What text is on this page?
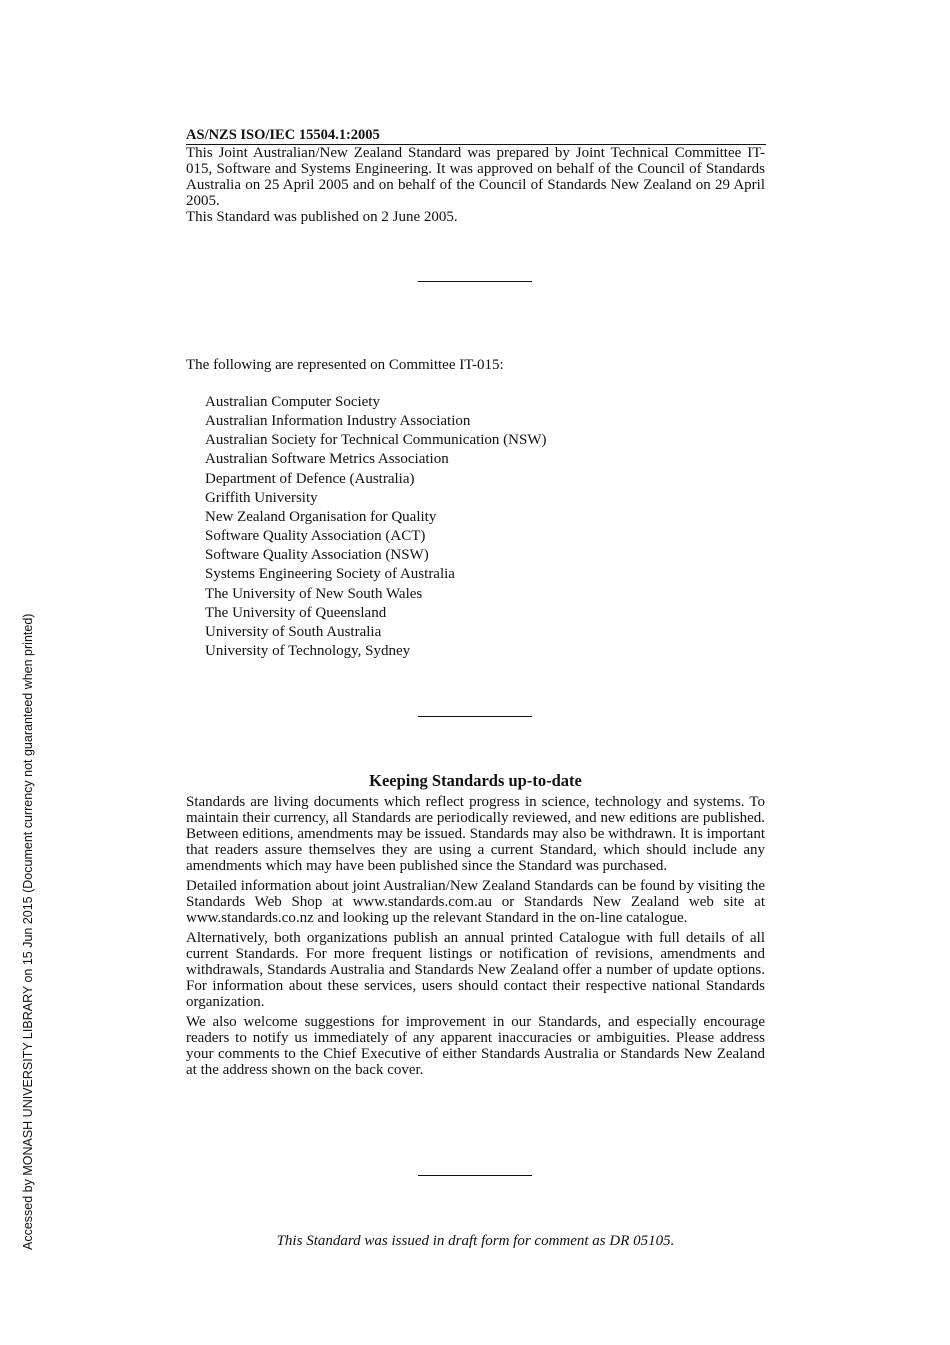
Accessed by MONASH UNIVERSITY LIBRARY on 15 Jun 2015 (Document currency not guaranteed when printed)
AS/NZS ISO/IEC 15504.1:2005

This Joint Australian/New Zealand Standard was prepared by Joint Technical Committee IT-015, Software and Systems Engineering. It was approved on behalf of the Council of Standards Australia on 25 April 2005 and on behalf of the Council of Standards New Zealand on 29 April 2005.

This Standard was published on 2 June 2005.

The following are represented on Committee IT-015:

Australian Computer Society
Australian Information Industry Association
Australian Society for Technical Communication (NSW)
Australian Software Metrics Association
Department of Defence (Australia)
Griffith University
New Zealand Organisation for Quality
Software Quality Association (ACT)
Software Quality Association (NSW)
Systems Engineering Society of Australia
The University of New South Wales
The University of Queensland
University of South Australia
University of Technology, Sydney
Keeping Standards up-to-date

Standards are living documents which reflect progress in science, technology and systems. To maintain their currency, all Standards are periodically reviewed, and new editions are published. Between editions, amendments may be issued. Standards may also be withdrawn. It is important that readers assure themselves they are using a current Standard, which should include any amendments which may have been published since the Standard was purchased.

Detailed information about joint Australian/New Zealand Standards can be found by visiting the Standards Web Shop at www.standards.com.au or Standards New Zealand web site at www.standards.co.nz and looking up the relevant Standard in the on-line catalogue.

Alternatively, both organizations publish an annual printed Catalogue with full details of all current Standards. For more frequent listings or notification of revisions, amendments and withdrawals, Standards Australia and Standards New Zealand offer a number of update options. For information about these services, users should contact their respective national Standards organization.

We also welcome suggestions for improvement in our Standards, and especially encourage readers to notify us immediately of any apparent inaccuracies or ambiguities. Please address your comments to the Chief Executive of either Standards Australia or Standards New Zealand at the address shown on the back cover.

This Standard was issued in draft form for comment as DR 05105.
